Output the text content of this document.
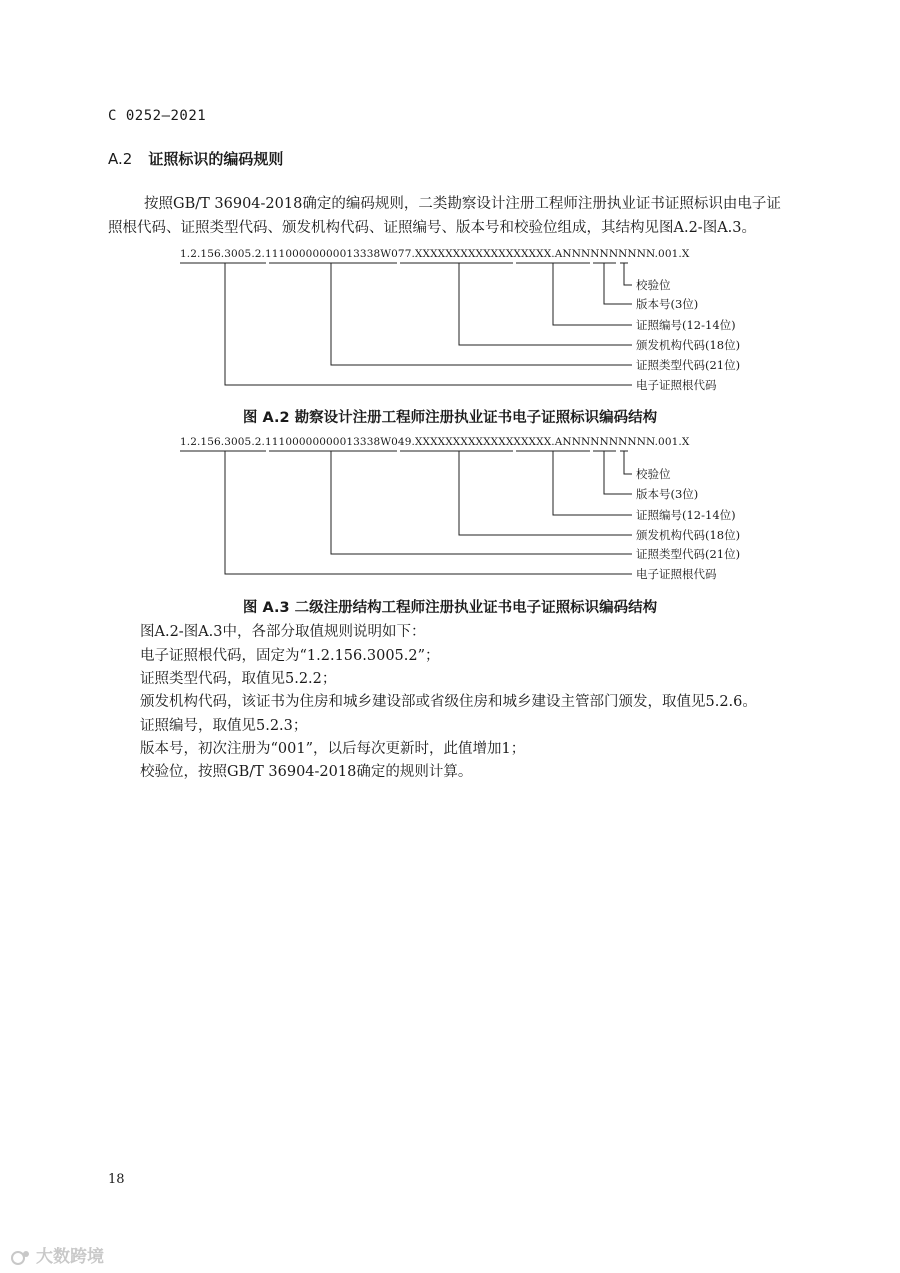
C 0252—2021
A.2 证照标识的编码规则
按照GB/T 36904-2018确定的编码规则，二类勘察设计注册工程师注册执业证书证照标识由电子证
照根代码、证照类型代码、颁发机构代码、证照编号、版本号和校验位组成，其结构见图A.2-图A.3。
1.2.156.3005.2.11100000000013338W077.XXXXXXXXXXXXXXXXXX.ANNNNNNNNNN.001.X
校验位
版本号(3位)
证照编号(12-14位)
颁发机构代码(18位)
证照类型代码(21位)
电子证照根代码
图 A.2 勘察设计注册工程师注册执业证书电子证照标识编码结构
1.2.156.3005.2.11100000000013338W049.XXXXXXXXXXXXXXXXXX.ANNNNNNNNNN.001.X
校验位
版本号(3位)
证照编号(12-14位)
颁发机构代码(18位)
证照类型代码(21位)
电子证照根代码
图 A.3 二级注册结构工程师注册执业证书电子证照标识编码结构
图A.2-图A.3中，各部分取值规则说明如下：
电子证照根代码，固定为“1.2.156.3005.2”；
证照类型代码，取值见5.2.2；
颁发机构代码，该证书为住房和城乡建设部或省级住房和城乡建设主管部门颁发，取值见5.2.6。
证照编号，取值见5.2.3；
版本号，初次注册为“001”，以后每次更新时，此值增加1；
校验位，按照GB/T 36904-2018确定的规则计算。
18
大数跨境
